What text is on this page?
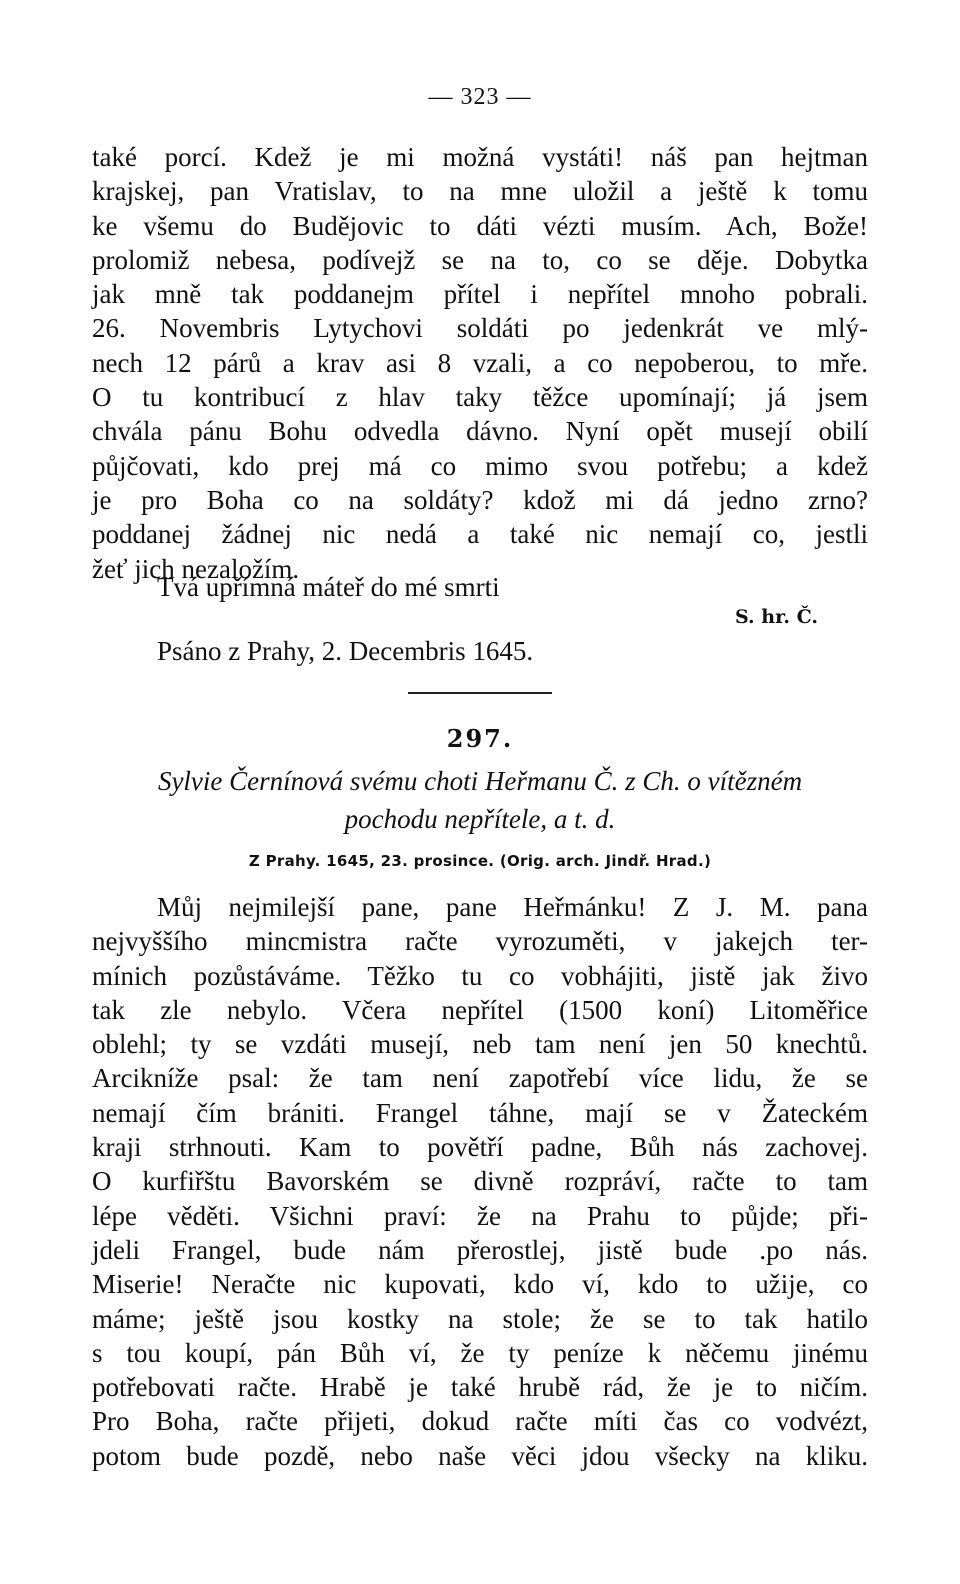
— 323 —
také porcí. Kdež je mi možná vystáti! náš pan hejtman
krajskej, pan Vratislav, to na mne uložil a ještě k tomu
ke všemu do Budějovic to dáti vézti musím. Ach, Bože!
prolomiž nebesa, podívejž se na to, co se děje. Dobytka
jak mně tak poddanejm přítel i nepřítel mnoho pobrali.
26. Novembris Lytychovi soldáti po jedenkrát ve mlý-
nech 12 párů a krav asi 8 vzali, a co nepoberou, to mře.
O tu kontribucí z hlav taky těžce upomínají; já jsem
chvála pánu Bohu odvedla dávno. Nyní opět musejí obilí
půjčovati, kdo prej má co mimo svou potřebu; a kdež
je pro Boha co na soldáty? kdož mi dá jedno zrno?
poddanej žádnej nic nedá a také nic nemají co, jestli
žeť jich nezaložím.
Tvá upřímná máteř do mé smrti
S. hr. Č.
Psáno z Prahy, 2. Decembris 1645.
297.
Sylvie Černínová svému choti Heřmanu Č. z Ch. o vítězném
pochodu nepřítele, a t. d.
Z Prahy. 1645, 23. prosince. (Orig. arch. Jindř. Hrad.)
Můj nejmilejší pane, pane Heřmánku! Z J. M. pana
nejvyššího mincmistra račte vyrozuměti, v jakejch ter-
mínich pozůstáváme. Těžko tu co vobhájiti, jistě jak živo
tak zle nebylo. Včera nepřítel (1500 koní) Litoměřice
oblehl; ty se vzdáti musejí, neb tam není jen 50 knechtů.
Arcikníže psal: že tam není zapotřebí více lidu, že se
nemají čím brániti. Frangel táhne, mají se v Žateckém
kraji strhnouti. Kam to povětří padne, Bůh nás zachovej.
O kurfiřštu Bavorském se divně rozpráví, račte to tam
lépe věděti. Všichni praví: že na Prahu to půjde; při-
jdeli Frangel, bude nám přerostlej, jistě bude .po nás.
Miserie! Neračte nic kupovati, kdo ví, kdo to užije, co
máme; ještě jsou kostky na stole; že se to tak hatilo
s tou koupí, pán Bůh ví, že ty peníze k něčemu jinému
potřebovati račte. Hrabě je také hrubě rád, že je to ničím.
Pro Boha, račte přijeti, dokud račte míti čas co vodvézt,
potom bude pozdě, nebo naše věci jdou všecky na kliku.
